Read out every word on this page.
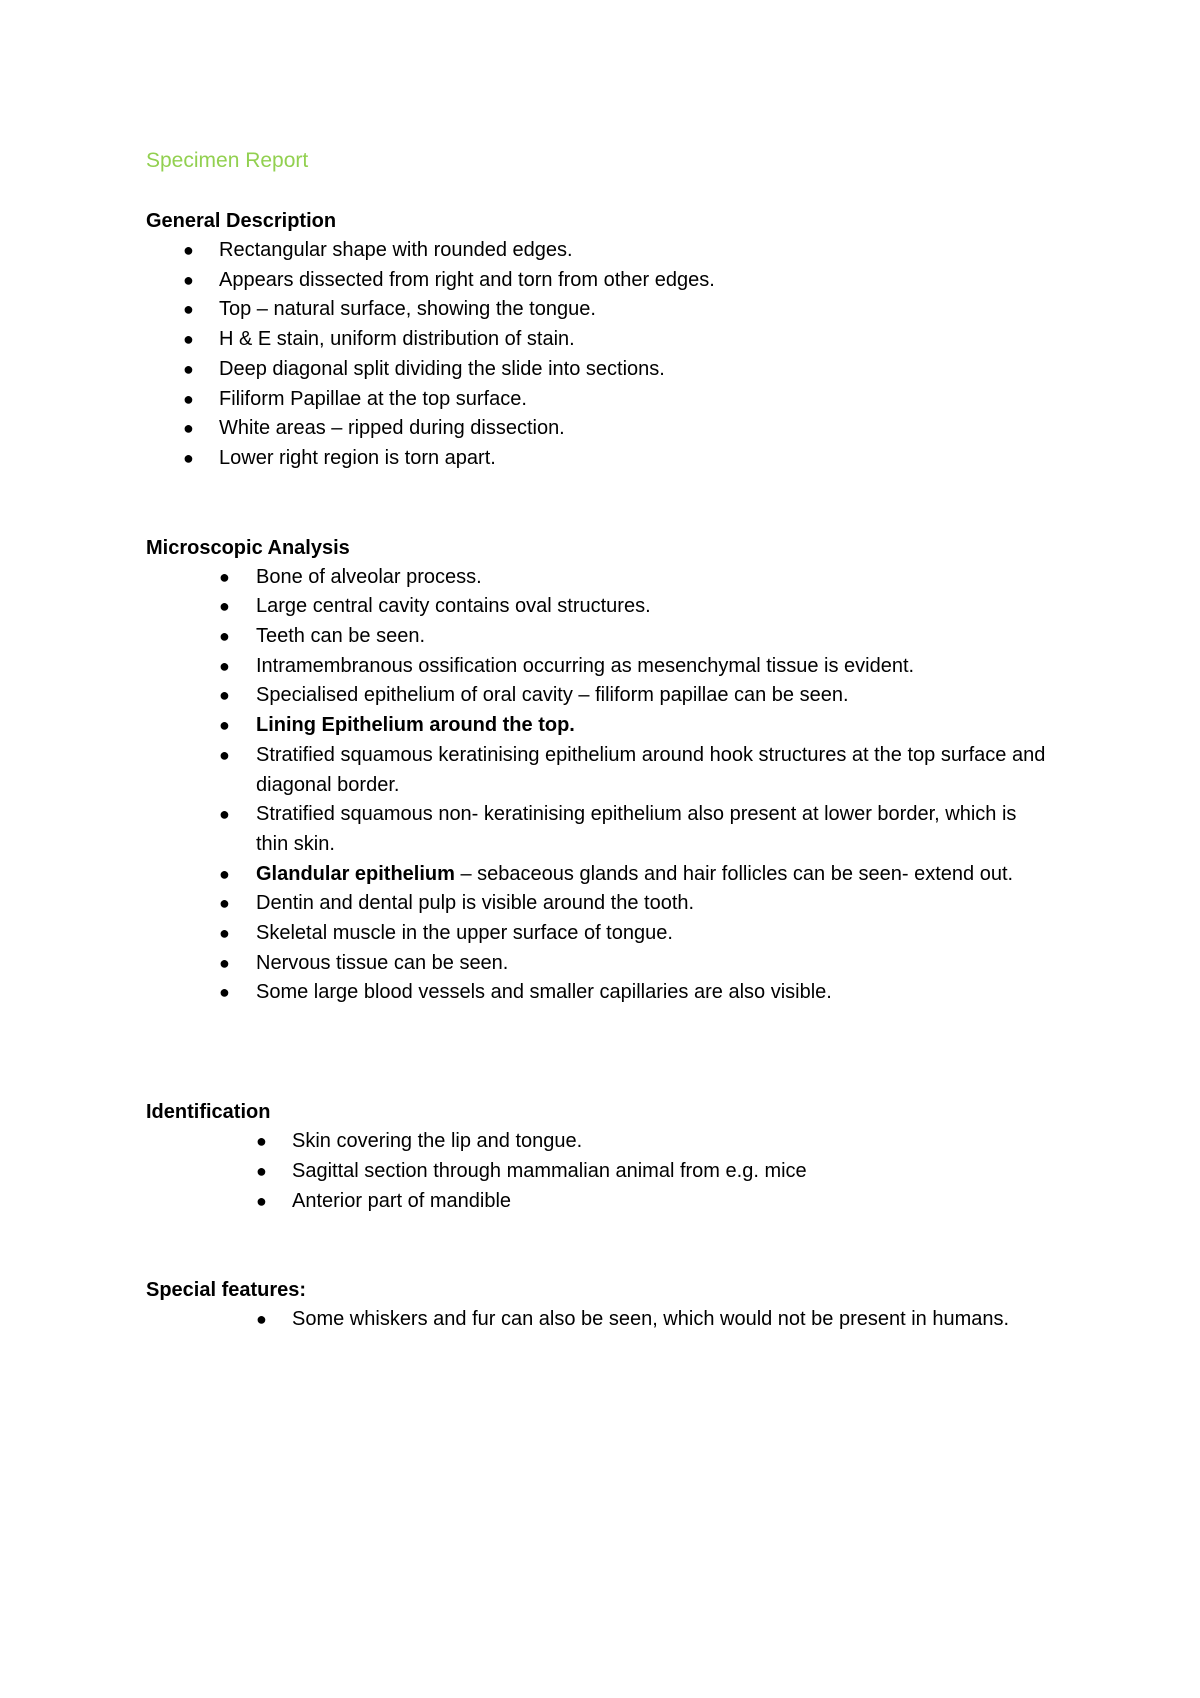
Specimen Report
General Description
● Rectangular shape with rounded edges.
● Appears dissected from right and torn from other edges.
● Top – natural surface, showing the tongue.
● H & E stain, uniform distribution of stain.
● Deep diagonal split dividing the slide into sections.
● Filiform Papillae at the top surface.
● White areas – ripped during dissection.
● Lower right region is torn apart.
Microscopic Analysis
● Bone of alveolar process.
● Large central cavity contains oval structures.
● Teeth can be seen.
● Intramembranous ossification occurring as mesenchymal tissue is evident.
● Specialised epithelium of oral cavity – filiform papillae can be seen.
● Lining Epithelium around the top.
● Stratified squamous keratinising epithelium around hook structures at the top surface and diagonal border.
● Stratified squamous non- keratinising epithelium also present at lower border, which is thin skin.
● Glandular epithelium – sebaceous glands and hair follicles can be seen- extend out.
● Dentin and dental pulp is visible around the tooth.
● Skeletal muscle in the upper surface of tongue.
● Nervous tissue can be seen.
● Some large blood vessels and smaller capillaries are also visible.
Identification
● Skin covering the lip and tongue.
● Sagittal section through mammalian animal from e.g. mice
● Anterior part of mandible
Special features:
● Some whiskers and fur can also be seen, which would not be present in humans.
